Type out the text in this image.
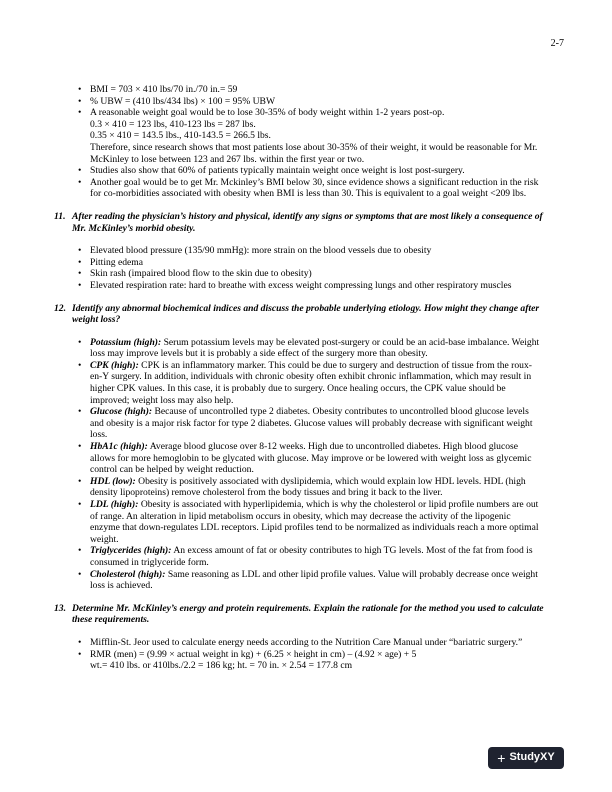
2-7
• BMI = 703 × 410 lbs/70 in./70 in.= 59
• % UBW = (410 lbs/434 lbs) × 100 = 95% UBW
• A reasonable weight goal would be to lose 30-35% of body weight within 1-2 years post-op.
0.3 × 410 = 123 lbs, 410-123 lbs = 287 lbs.
0.35 × 410 = 143.5 lbs., 410-143.5 = 266.5 lbs.
Therefore, since research shows that most patients lose about 30-35% of their weight, it would be reasonable for Mr. McKinley to lose between 123 and 267 lbs. within the first year or two.
• Studies also show that 60% of patients typically maintain weight once weight is lost post-surgery.
• Another goal would be to get Mr. Mckinley’s BMI below 30, since evidence shows a significant reduction in the risk for co-morbidities associated with obesity when BMI is less than 30. This is equivalent to a goal weight <209 lbs.
11. After reading the physician’s history and physical, identify any signs or symptoms that are most likely a consequence of Mr. McKinley’s morbid obesity.
• Elevated blood pressure (135/90 mmHg): more strain on the blood vessels due to obesity
• Pitting edema
• Skin rash (impaired blood flow to the skin due to obesity)
• Elevated respiration rate: hard to breathe with excess weight compressing lungs and other respiratory muscles
12. Identify any abnormal biochemical indices and discuss the probable underlying etiology. How might they change after weight loss?
• Potassium (high): Serum potassium levels may be elevated post-surgery or could be an acid-base imbalance. Weight loss may improve levels but it is probably a side effect of the surgery more than obesity.
• CPK (high): CPK is an inflammatory marker. This could be due to surgery and destruction of tissue from the roux-en-Y surgery. In addition, individuals with chronic obesity often exhibit chronic inflammation, which may result in higher CPK values. In this case, it is probably due to surgery. Once healing occurs, the CPK value should be improved; weight loss may also help.
• Glucose (high): Because of uncontrolled type 2 diabetes. Obesity contributes to uncontrolled blood glucose levels and obesity is a major risk factor for type 2 diabetes. Glucose values will probably decrease with significant weight loss.
• HbA1c (high): Average blood glucose over 8-12 weeks. High due to uncontrolled diabetes. High blood glucose allows for more hemoglobin to be glycated with glucose. May improve or be lowered with weight loss as glycemic control can be helped by weight reduction.
• HDL (low): Obesity is positively associated with dyslipidemia, which would explain low HDL levels. HDL (high density lipoproteins) remove cholesterol from the body tissues and bring it back to the liver.
• LDL (high): Obesity is associated with hyperlipidemia, which is why the cholesterol or lipid profile numbers are out of range. An alteration in lipid metabolism occurs in obesity, which may decrease the activity of the lipogenic enzyme that down-regulates LDL receptors. Lipid profiles tend to be normalized as individuals reach a more optimal weight.
• Triglycerides (high): An excess amount of fat or obesity contributes to high TG levels. Most of the fat from food is consumed in triglyceride form.
• Cholesterol (high): Same reasoning as LDL and other lipid profile values. Value will probably decrease once weight loss is achieved.
13. Determine Mr. McKinley’s energy and protein requirements. Explain the rationale for the method you used to calculate these requirements.
• Mifflin-St. Jeor used to calculate energy needs according to the Nutrition Care Manual under “bariatric surgery.”
• RMR (men) = (9.99 × actual weight in kg) + (6.25 × height in cm) – (4.92 × age) + 5
wt.= 410 lbs. or 410lbs./2.2 = 186 kg; ht. = 70 in. × 2.54 = 177.8 cm
+ StudyXY
